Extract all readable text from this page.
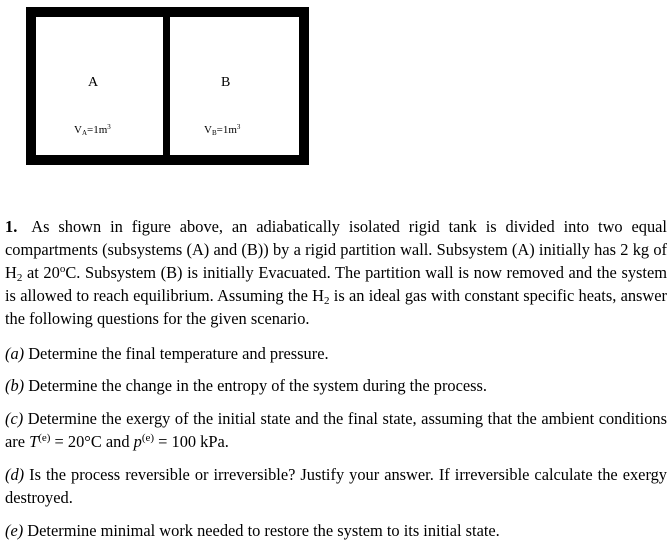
A
$V_A=1m^3$
B
$V_B=1m^3$
1. As shown in figure above, an adiabatically isolated rigid tank is divided into two equal compartments (subsystems (A) and (B)) by a rigid partition wall. Subsystem (A) initially has 2 kg of $H_2$ at 20$^o$C. Subsystem (B) is initially Evacuated. The partition wall is now removed and the system is allowed to reach equilibrium. Assuming the $H_2$ is an ideal gas with constant specific heats, answer the following questions for the given scenario.
(a) Determine the final temperature and pressure.
(b) Determine the change in the entropy of the system during the process.
(c) Determine the exergy of the initial state and the final state, assuming that the ambient conditions are $T^{(e)} = 20^\circ C$ and $p^{(e)} = 100$ kPa.
(d) Is the process reversible or irreversible? Justify your answer. If irreversible calculate the exergy destroyed.
(e) Determine minimal work needed to restore the system to its initial state.
